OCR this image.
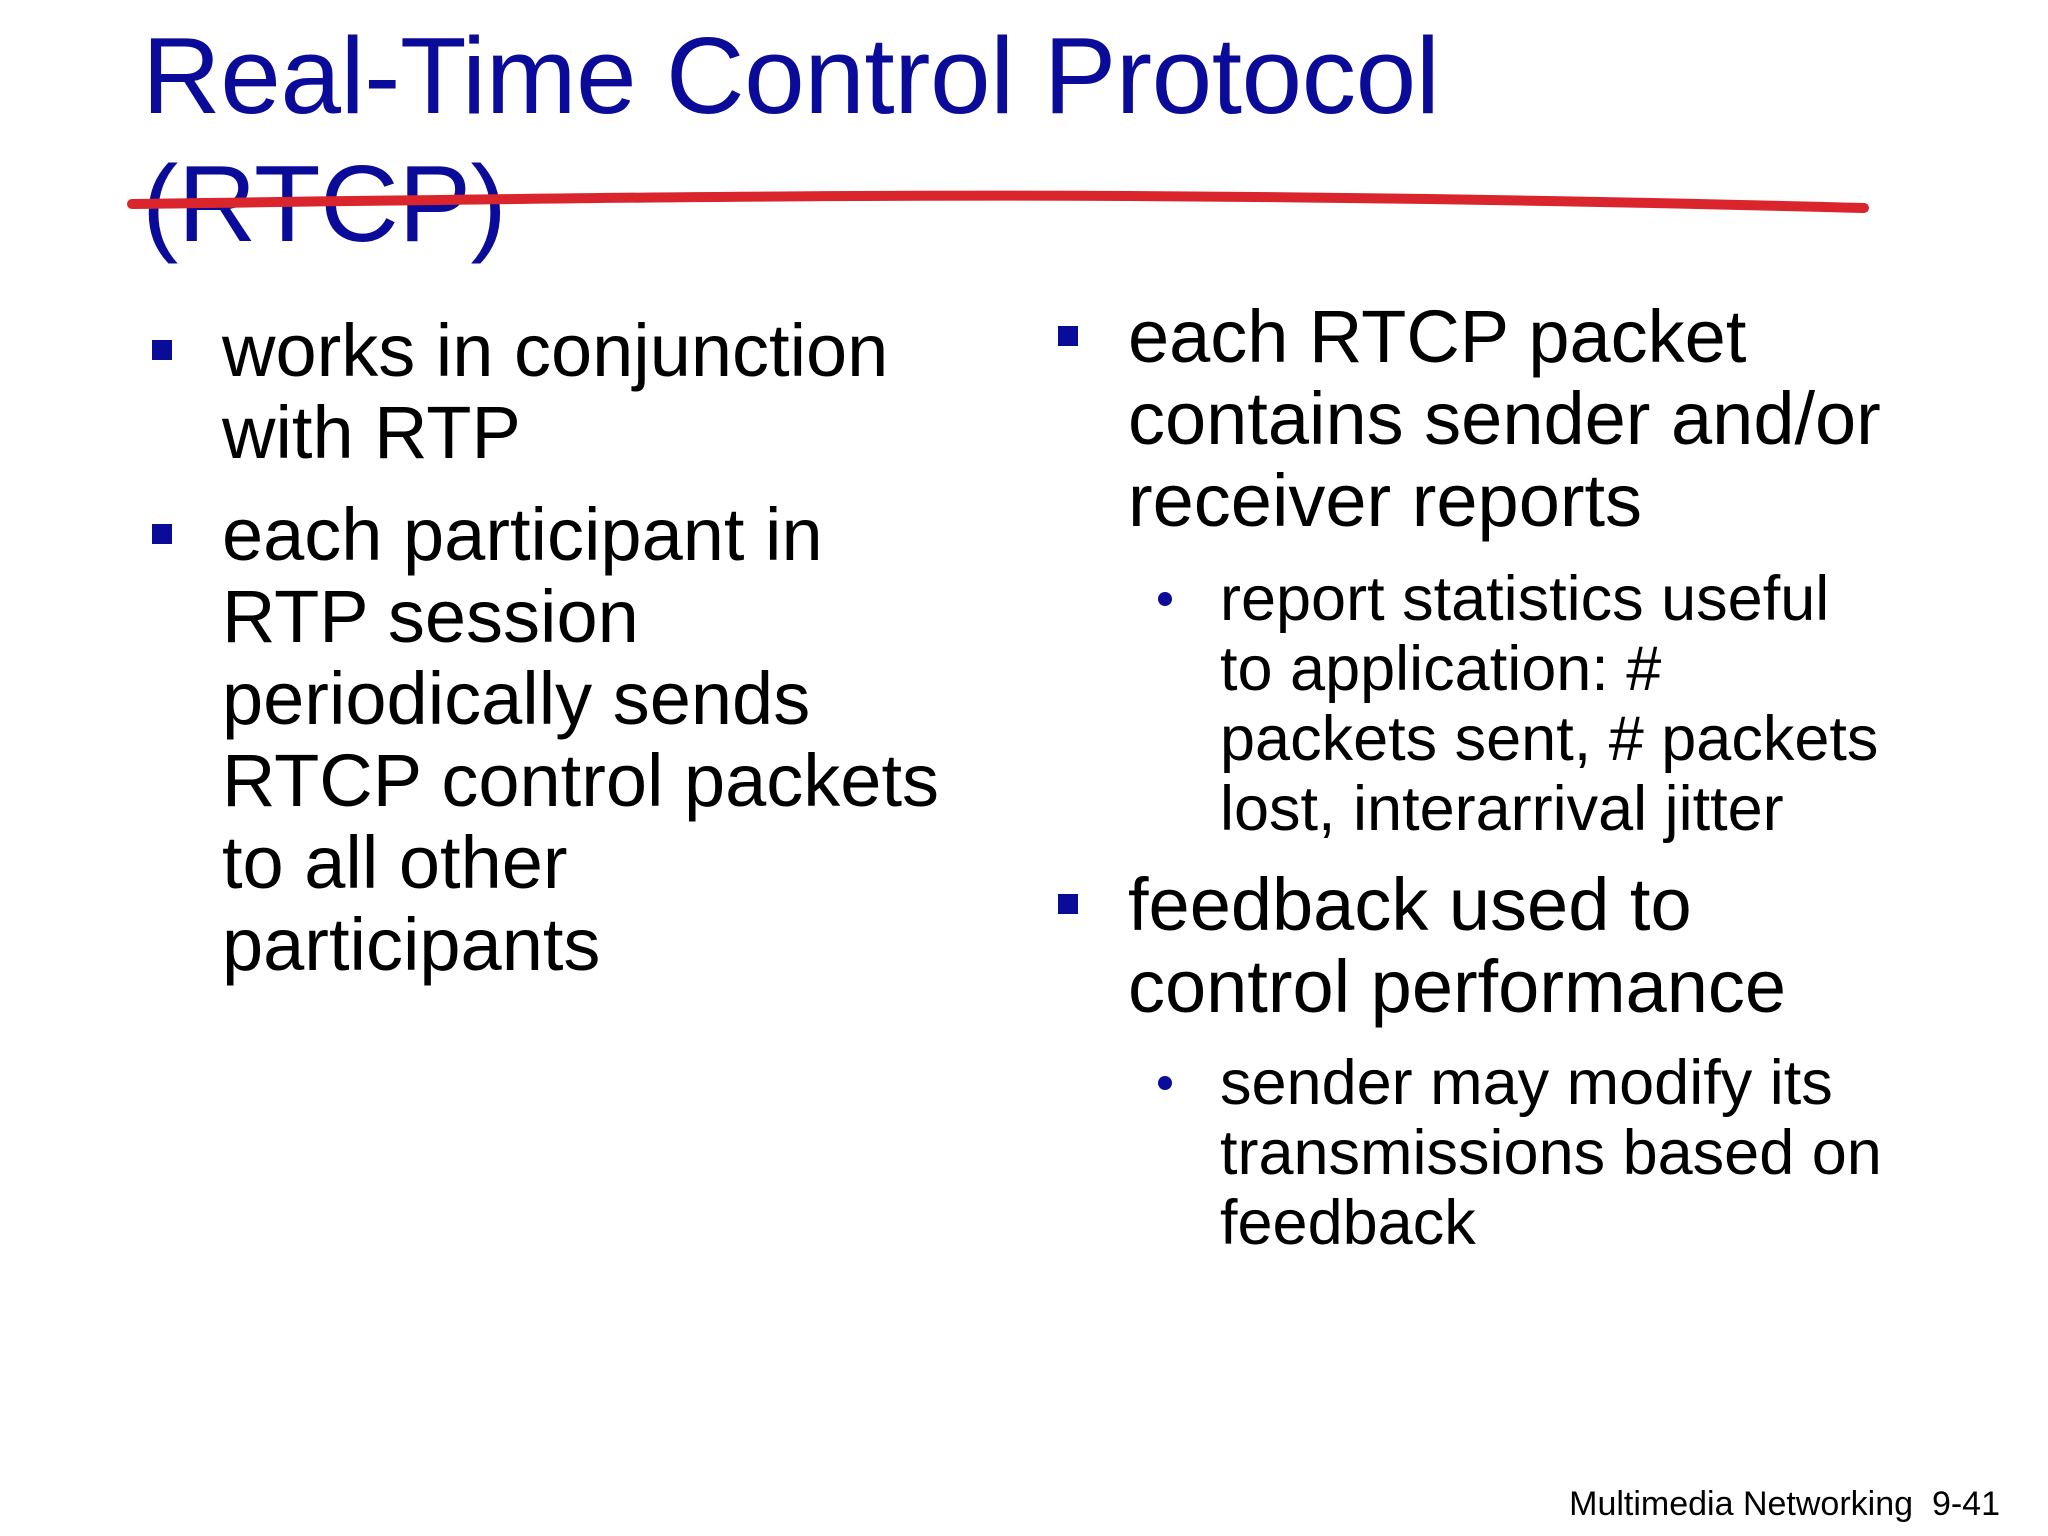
Real-Time Control Protocol
(RTCP)
works in conjunction
with RTP
each participant in
RTP session
periodically sends
RTCP control packets
to all other
participants
each RTCP packet
contains sender and/or
receiver reports
report statistics useful
to application: #
packets sent, # packets
lost, interarrival jitter
feedback used to
control performance
sender may modify its
transmissions based on
feedback
Multimedia Networking 9-41
